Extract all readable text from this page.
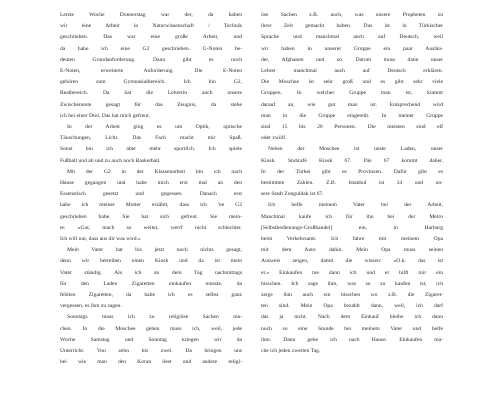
Letzte Woche Donnerstag war der, da haben
wir eine Arbeit in Naturwissenschaft / Technik
geschrieben. Das war eine große Arbeit, und
da habe ich eine G2 geschrieben. G-Noten be-
deuten Grundanforderung. Dann gibt es noch
E-Noten, erweiterte Anforderung. Die E-Noten
gehören zum Gymnasialbereich. Ich bin G2,
Realbereich. Da hat die Lehrerin auch unsere
Zwischennote gesagt für das Zeugnis, da stehe
ich bei einer Drei. Das hat mich gefreut.
In der Arbeit ging es um Optik, optische
Täuschungen, Licht. Das Fach macht mir Spaß.
Sonst bin ich aber mehr sportlich. Ich spiele
Fußball und ab und zu auch noch Basketball.
Mit der G2 in der Klassenarbeit bin ich nach
Hause gegangen und habe mich erst mal an den
Essenstisch gesetzt und gegessen. Danach erst
habe ich meiner Mutter erzählt, dass ich 'ne G2
geschrieben habe. Sie hat sich gefreut. Sie mein-
te: »Gut, mach so weiter, werd' nicht schlechter.
Ich will nur, dass aus dir was wird.«
Mein Vater hat bis jetzt noch nichts gesagt,
denn wir betreiben einen Kiosk und da ist mein
Vater ständig. Als ich an dem Tag nachmittags
für den Laden Zigaretten einkaufen musste, da
fehlten Zigaretten, da habe ich es selbst ganz
vergessen, es ihm zu sagen.
Sonntags muss ich zu religiöse Sachen ma-
chen. In die Moschee gehen muss ich, weil, jede
Woche Samstag und Sonntag kriegen wir da
Unterricht. Von zehn bis zwei. Da bringen uns
bei wie man den Koran liest und andere religi-
öse Sachen z.B. auch, was unsere Propheten zu
ihrer Zeit gemacht haben. Das ist in Türkischer
Sprache und manchmal auch auf Deutsch, weil
wir haben in unserer Gruppe ein paar Auslän-
der, Afghanen und so. Darum muss dann unser
Lehrer manchmal auch auf Deutsch erklären.
Die Moschee ist sehr groß und es gibt sehr viele
Gruppen. In welcher Gruppe man ist, kommt
darauf an, wie gut man ist. Entsprechend wird
man in die Gruppe eingeteilt. In meiner Gruppe
sind 15 bis 20 Personen. Die meisten sind elf
oder zwölf.
Neben der Moschee ist unser Laden, unser
Kiosk. Stuhrafé Kiosk 67. Die 67 kommt daher.
In der Türkei gibt es Provinzen. Dafür gibt es
bestimmte Zahlen. Z.B. Istanbul ist 34 und un-
sere Stadt Zonguldak ist 67.
Ich helfe meinem Vater bei der Arbeit,
Manchmal kaufe ich für ihn bei der Metro
[Selbstbedienungs-Großhandel] ein, in Harburg
beim Verkehrsamt. Ich fahre mit meinem Opa
mit dem Auto dahin. Mein Opa muss seinen
Ausweis zeigen, damit die wissen: »O.k. das ist
er.« Einkaufen tue dann ich und er hilft mir ein
bisschen. Ich sage ihm, was so zu kaufen ist, ich
zeige ihm auch ein bisschen wo z.B. die Zigaret-
ten sind. Mein Opa bezahlt dann, weil, ich darf
das ja nicht. Nach dem Einkauf bleibe ich dann
noch so eine Stunde bei meinem Vater und helfe
ihm. Dann gehe ich nach Hause. Einkaufen ma-
che ich jeden zweiten Tag.
